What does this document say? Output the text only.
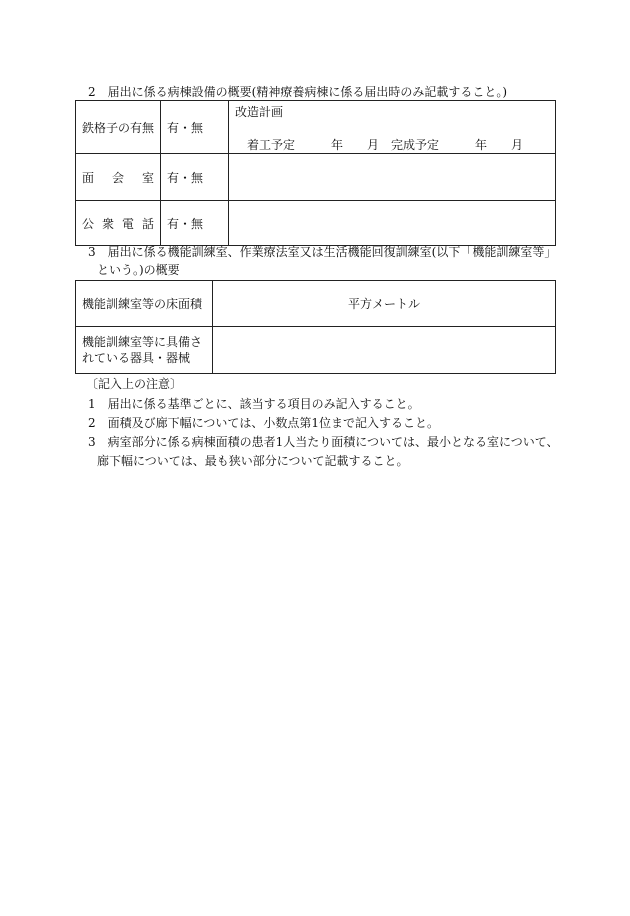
2　届出に係る病棟設備の概要(精神療養病棟に係る届出時のみ記載すること。)
鉄格子の有無	有・無	改造計画
着工予定　　　年　　月　完成予定　　　年　　月

面 会 室	有・無	

公 衆 電 話	有・無	
3　届出に係る機能訓練室、作業療法室又は生活機能回復訓練室(以下「機能訓練室等」
という。)の概要
機能訓練室等の床面積	平方メートル
機能訓練室等に具備されている器具・器械	
〔記入上の注意〕
1　届出に係る基準ごとに、該当する項目のみ記入すること。
2　面積及び廊下幅については、小数点第1位まで記入すること。
3　病室部分に係る病棟面積の患者1人当たり面積については、最小となる室について、
廊下幅については、最も狭い部分について記載すること。
